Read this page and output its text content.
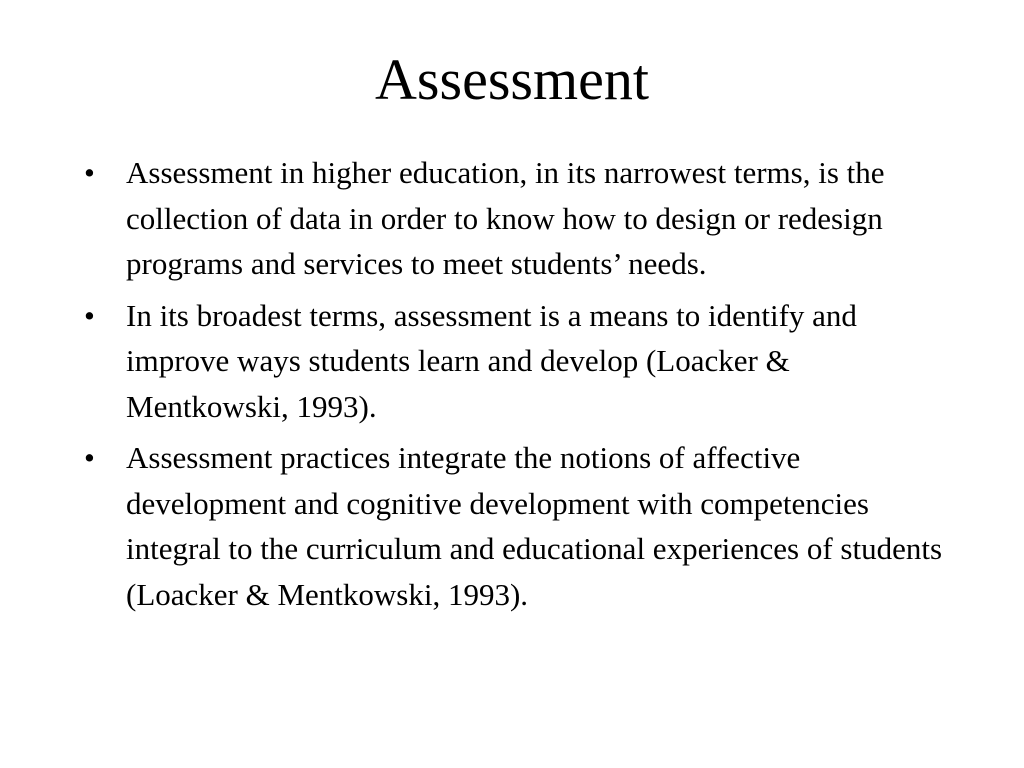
Assessment
•	Assessment in higher education, in its narrowest terms, is the collection of data in order to know how to design or redesign programs and services to meet students’ needs.
•	In its broadest terms, assessment is a means to identify and improve ways students learn and develop (Loacker & Mentkowski, 1993).
•	Assessment practices integrate the notions of affective development and cognitive development with competencies integral to the curriculum and educational experiences of students (Loacker & Mentkowski, 1993).
